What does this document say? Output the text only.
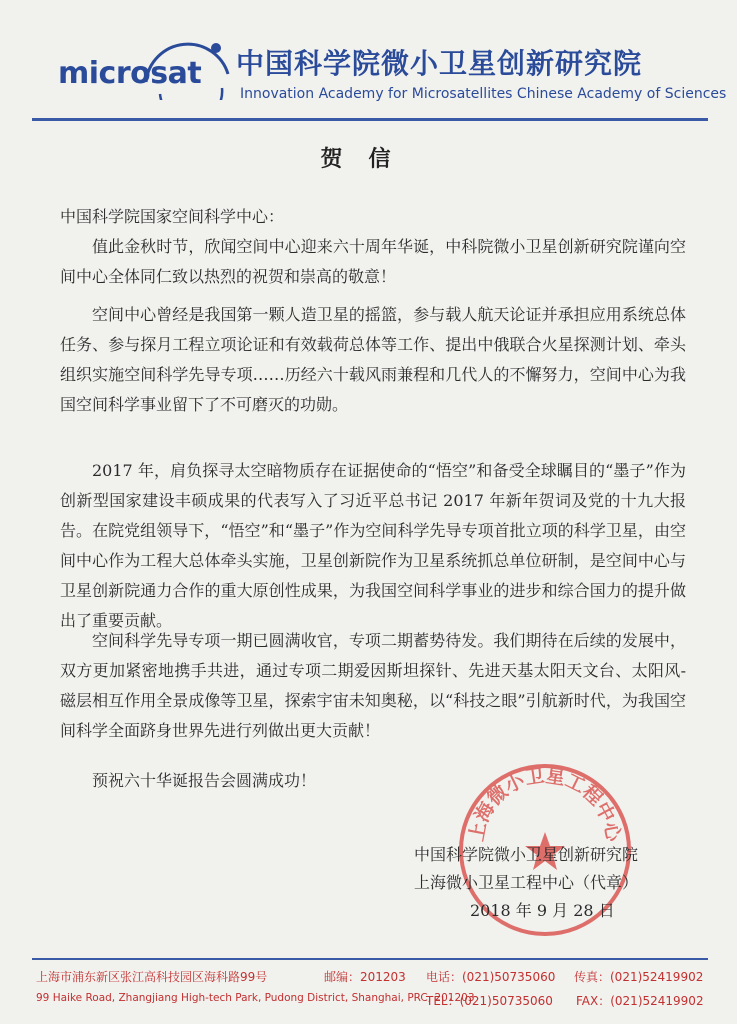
microsat 中国科学院微小卫星创新研究院
Innovation Academy for Microsatellites Chinese Academy of Sciences
贺信
中国科学院国家空间科学中心：
值此金秋时节，欣闻空间中心迎来六十周年华诞，中科院微小卫星创新研究院谨向空间中心全体同仁致以热烈的祝贺和崇高的敬意！
空间中心曾经是我国第一颗人造卫星的摇篮，参与载人航天论证并承担应用系统总体任务、参与探月工程立项论证和有效载荷总体等工作、提出中俄联合火星探测计划、牵头组织实施空间科学先导专项……历经六十载风雨兼程和几代人的不懈努力，空间中心为我国空间科学事业留下了不可磨灭的功勋。
2017 年，肩负探寻太空暗物质存在证据使命的“悟空”和备受全球瞩目的“墨子”作为创新型国家建设丰硕成果的代表写入了习近平总书记 2017 年新年贺词及党的十九大报告。在院党组领导下，“悟空”和“墨子”作为空间科学先导专项首批立项的科学卫星，由空间中心作为工程大总体牵头实施，卫星创新院作为卫星系统抓总单位研制，是空间中心与卫星创新院通力合作的重大原创性成果，为我国空间科学事业的进步和综合国力的提升做出了重要贡献。
空间科学先导专项一期已圆满收官，专项二期蓄势待发。我们期待在后续的发展中，双方更加紧密地携手共进，通过专项二期爱因斯坦探针、先进天基太阳天文台、太阳风-磁层相互作用全景成像等卫星，探索宇宙未知奥秘，以“科技之眼”引航新时代，为我国空间科学全面跻身世界先进行列做出更大贡献！
预祝六十华诞报告会圆满成功！
上海微小卫星工程中心
中国科学院微小卫星创新研究院
上海微小卫星工程中心（代章）
2018 年 9 月 28 日
上海市浦东新区张江高科技园区海科路99号	邮编：201203 电话：(021)50735060 传真：(021)52419902
99 Haike Road, Zhangjiang High-tech Park, Pudong District, Shanghai, PRC, 201203
TEL：(021)50735060 FAX：(021)52419902
